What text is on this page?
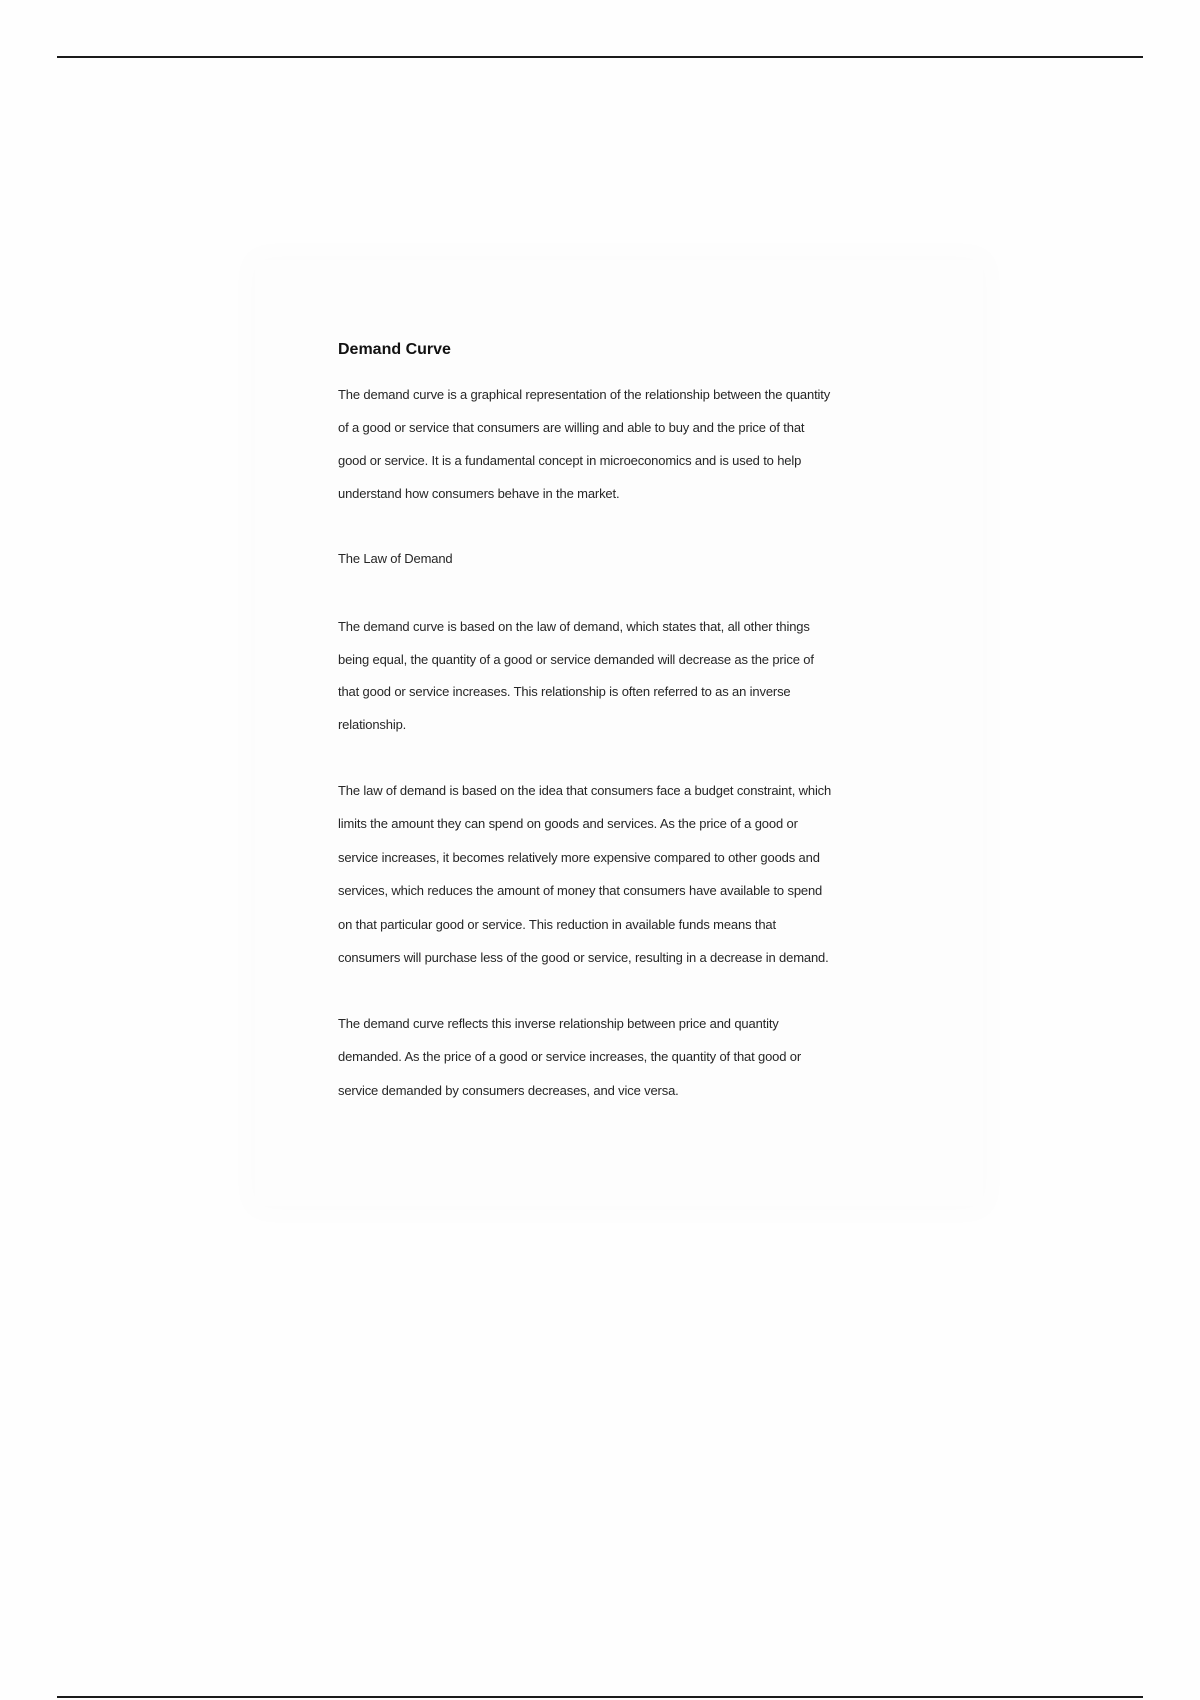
Demand Curve
The demand curve is a graphical representation of the relationship between the quantity
of a good or service that consumers are willing and able to buy and the price of that
good or service. It is a fundamental concept in microeconomics and is used to help
understand how consumers behave in the market.
The Law of Demand
The demand curve is based on the law of demand, which states that, all other things
being equal, the quantity of a good or service demanded will decrease as the price of
that good or service increases. This relationship is often referred to as an inverse
relationship.
The law of demand is based on the idea that consumers face a budget constraint, which
limits the amount they can spend on goods and services. As the price of a good or
service increases, it becomes relatively more expensive compared to other goods and
services, which reduces the amount of money that consumers have available to spend
on that particular good or service. This reduction in available funds means that
consumers will purchase less of the good or service, resulting in a decrease in demand.
The demand curve reflects this inverse relationship between price and quantity
demanded. As the price of a good or service increases, the quantity of that good or
service demanded by consumers decreases, and vice versa.
